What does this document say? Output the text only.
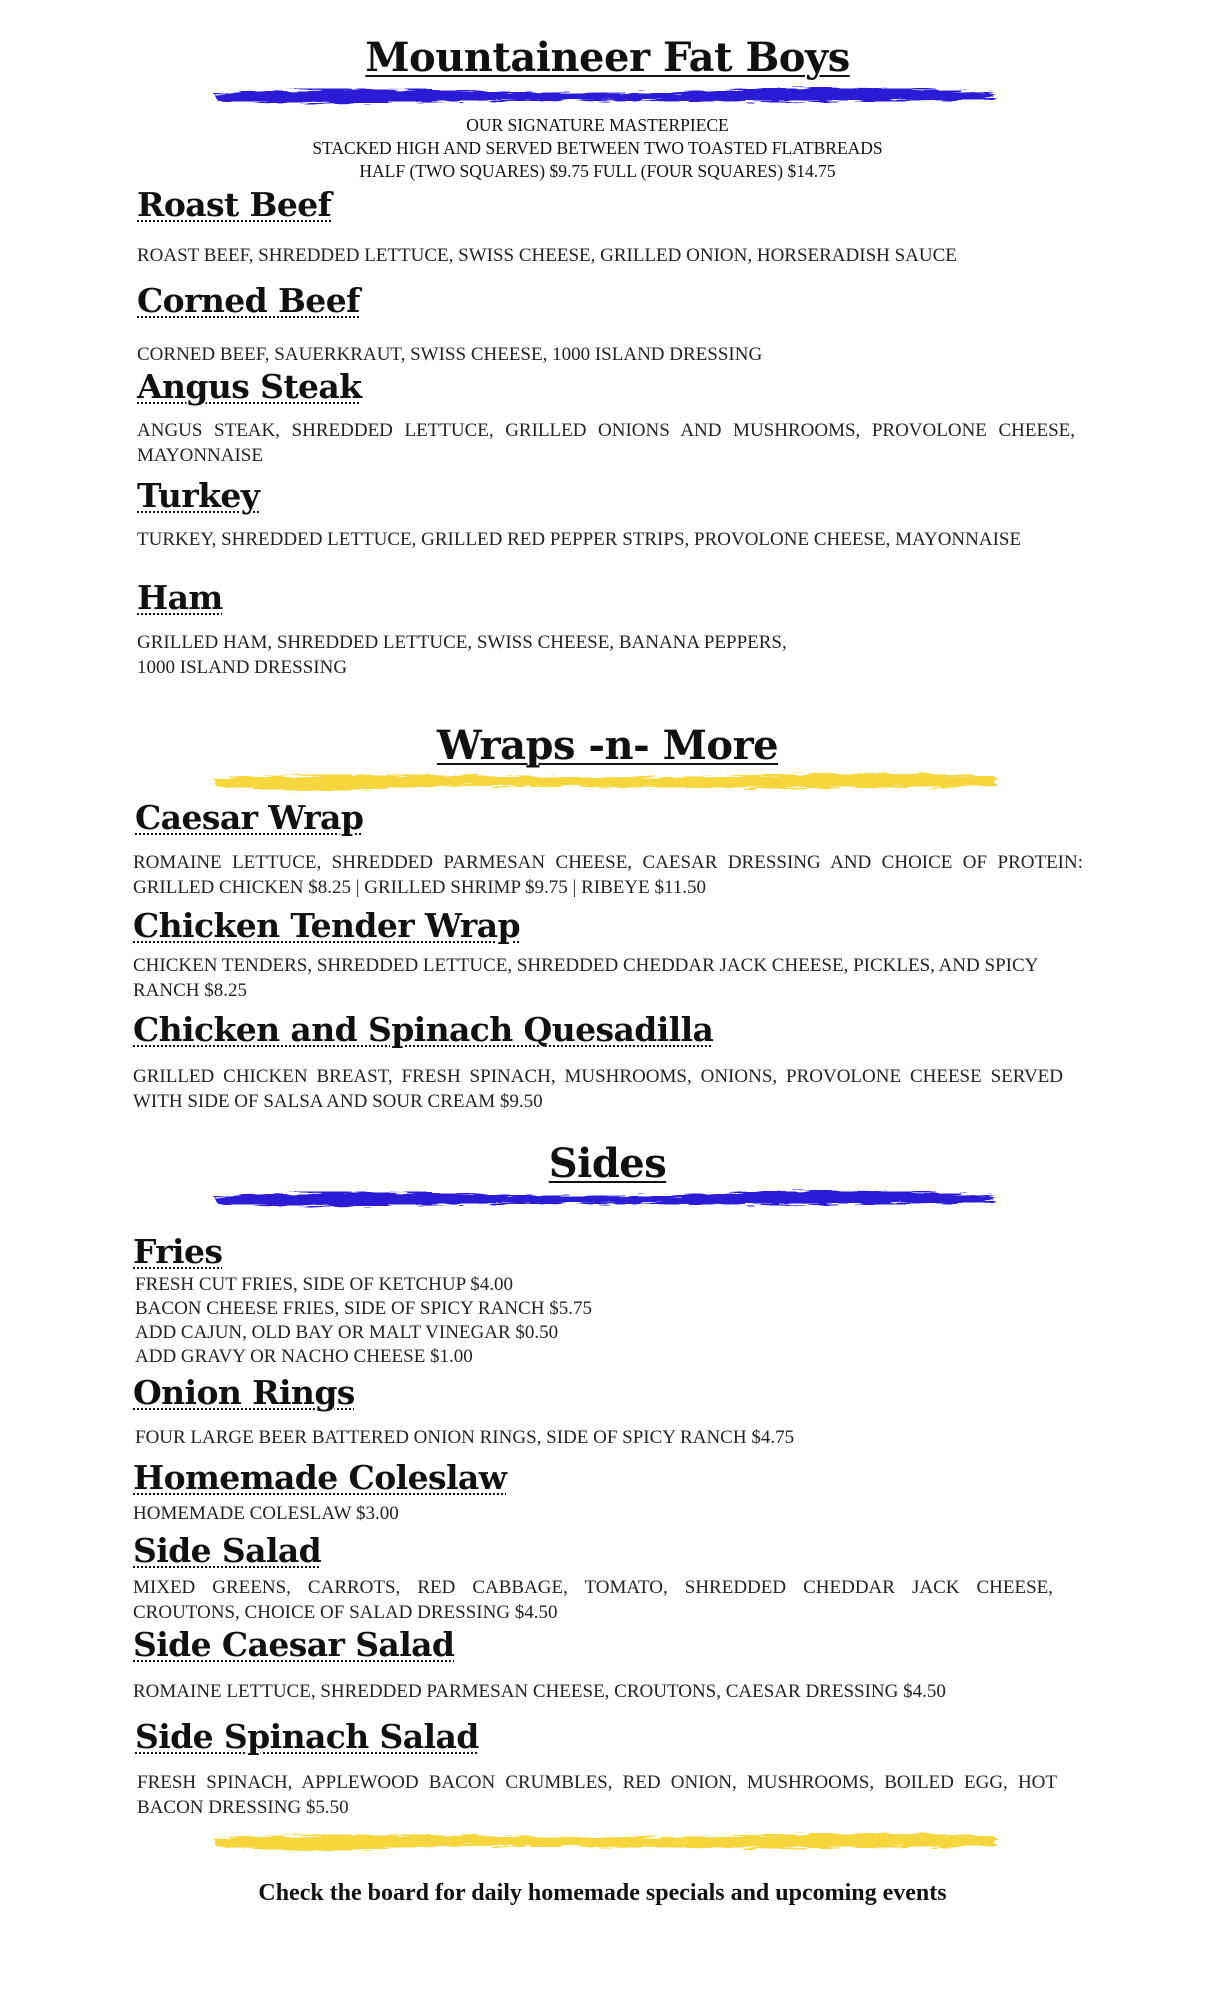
Mountaineer Fat Boys
OUR SIGNATURE MASTERPIECE
STACKED HIGH AND SERVED BETWEEN TWO TOASTED FLATBREADS
HALF (TWO SQUARES) $9.75 FULL (FOUR SQUARES) $14.75
Roast Beef
ROAST BEEF, SHREDDED LETTUCE, SWISS CHEESE, GRILLED ONION, HORSERADISH SAUCE
Corned Beef
CORNED BEEF, SAUERKRAUT, SWISS CHEESE, 1000 ISLAND DRESSING
Angus Steak
ANGUS STEAK, SHREDDED LETTUCE, GRILLED ONIONS AND MUSHROOMS, PROVOLONE CHEESE, MAYONNAISE
Turkey
TURKEY, SHREDDED LETTUCE, GRILLED RED PEPPER STRIPS, PROVOLONE CHEESE, MAYONNAISE
Ham
GRILLED HAM, SHREDDED LETTUCE, SWISS CHEESE, BANANA PEPPERS,
1000 ISLAND DRESSING
Wraps -n- More
Caesar Wrap
ROMAINE LETTUCE, SHREDDED PARMESAN CHEESE, CAESAR DRESSING AND CHOICE OF PROTEIN: GRILLED CHICKEN $8.25 | GRILLED SHRIMP $9.75 | RIBEYE $11.50
Chicken Tender Wrap
CHICKEN TENDERS, SHREDDED LETTUCE, SHREDDED CHEDDAR JACK CHEESE, PICKLES, AND SPICY RANCH $8.25
Chicken and Spinach Quesadilla
GRILLED CHICKEN BREAST, FRESH SPINACH, MUSHROOMS, ONIONS, PROVOLONE CHEESE SERVED WITH SIDE OF SALSA AND SOUR CREAM $9.50
Sides
Fries
FRESH CUT FRIES, SIDE OF KETCHUP $4.00
BACON CHEESE FRIES, SIDE OF SPICY RANCH $5.75
ADD CAJUN, OLD BAY OR MALT VINEGAR $0.50
ADD GRAVY OR NACHO CHEESE $1.00
Onion Rings
FOUR LARGE BEER BATTERED ONION RINGS, SIDE OF SPICY RANCH $4.75
Homemade Coleslaw
HOMEMADE COLESLAW $3.00
Side Salad
MIXED GREENS, CARROTS, RED CABBAGE, TOMATO, SHREDDED CHEDDAR JACK CHEESE, CROUTONS, CHOICE OF SALAD DRESSING $4.50
Side Caesar Salad
ROMAINE LETTUCE, SHREDDED PARMESAN CHEESE, CROUTONS, CAESAR DRESSING $4.50
Side Spinach Salad
FRESH SPINACH, APPLEWOOD BACON CRUMBLES, RED ONION, MUSHROOMS, BOILED EGG, HOT BACON DRESSING $5.50
Check the board for daily homemade specials and upcoming events
